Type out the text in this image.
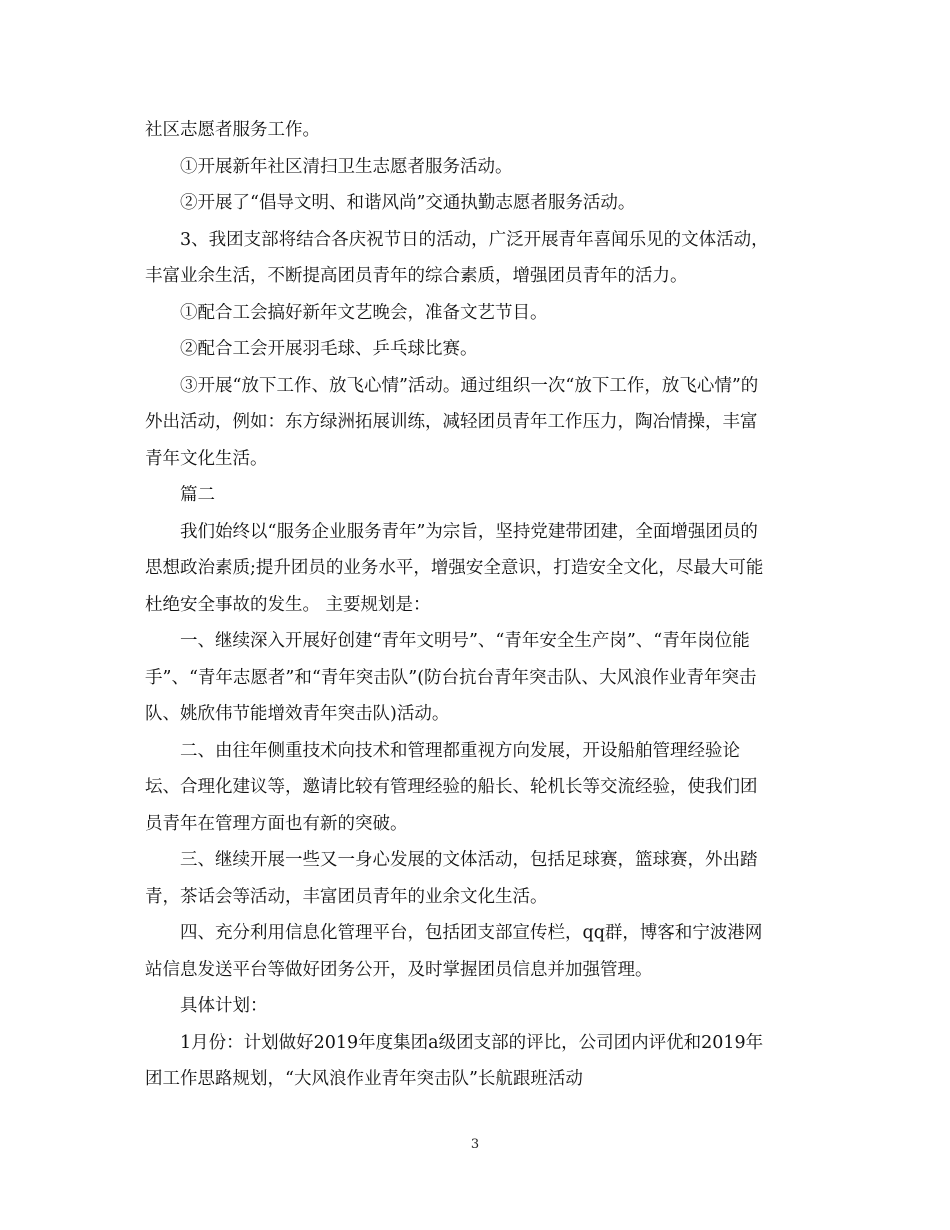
社区志愿者服务工作。

①开展新年社区清扫卫生志愿者服务活动。

②开展了“倡导文明、和谐风尚”交通执勤志愿者服务活动。

3、我团支部将结合各庆祝节日的活动，广泛开展青年喜闻乐见的文体活动，
丰富业余生活，不断提高团员青年的综合素质，增强团员青年的活力。

①配合工会搞好新年文艺晚会，准备文艺节目。

②配合工会开展羽毛球、乒乓球比赛。

③开展“放下工作、放飞心情”活动。通过组织一次“放下工作，放飞心情”的
外出活动，例如：东方绿洲拓展训练，减轻团员青年工作压力，陶冶情操，丰富
青年文化生活。

篇二

我们始终以“服务企业服务青年”为宗旨，坚持党建带团建，全面增强团员的
思想政治素质;提升团员的业务水平，增强安全意识，打造安全文化，尽最大可能
杜绝安全事故的发生。 主要规划是：

一、继续深入开展好创建“青年文明号”、“青年安全生产岗”、“青年岗位能
手”、“青年志愿者”和“青年突击队”(防台抗台青年突击队、大风浪作业青年突击
队、姚欣伟节能增效青年突击队)活动。

二、由往年侧重技术向技术和管理都重视方向发展，开设船舶管理经验论
坛、合理化建议等，邀请比较有管理经验的船长、轮机长等交流经验，使我们团
员青年在管理方面也有新的突破。

三、继续开展一些又一身心发展的文体活动，包括足球赛，篮球赛，外出踏
青，茶话会等活动，丰富团员青年的业余文化生活。

四、充分利用信息化管理平台，包括团支部宣传栏，qq群，博客和宁波港网
站信息发送平台等做好团务公开，及时掌握团员信息并加强管理。

具体计划：

1月份：计划做好2019年度集团a级团支部的评比，公司团内评优和2019年
团工作思路规划，“大风浪作业青年突击队”长航跟班活动

3
